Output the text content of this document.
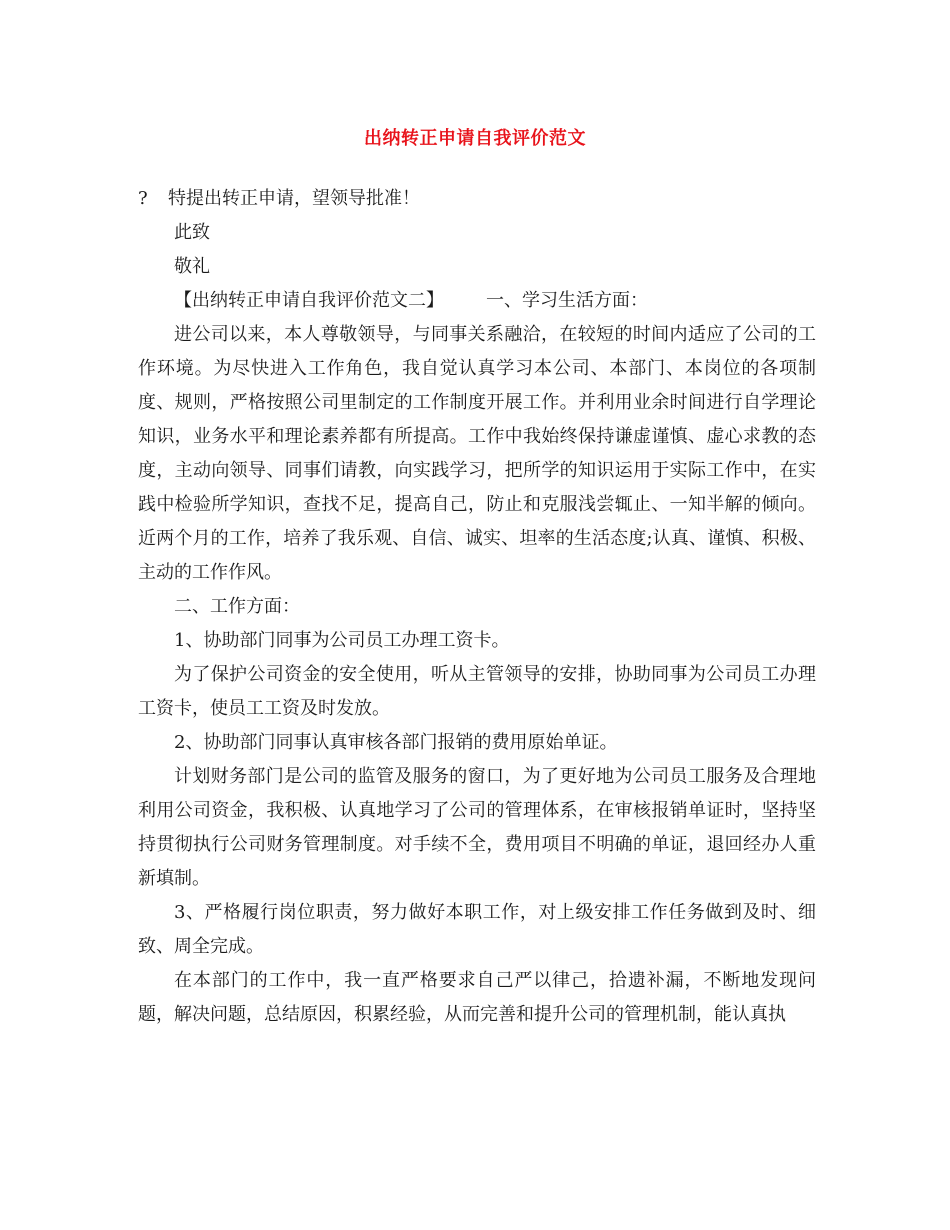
出纳转正申请自我评价范文

? 特提出转正申请，望领导批准！

此致

敬礼

【出纳转正申请自我评价范文二】 一、学习生活方面：

进公司以来，本人尊敬领导，与同事关系融洽，在较短的时间内适应了公司的工作环境。为尽快进入工作角色，我自觉认真学习本公司、本部门、本岗位的各项制度、规则，严格按照公司里制定的工作制度开展工作。并利用业余时间进行自学理论知识，业务水平和理论素养都有所提高。工作中我始终保持谦虚谨慎、虚心求教的态度，主动向领导、同事们请教，向实践学习，把所学的知识运用于实际工作中，在实践中检验所学知识，查找不足，提高自己，防止和克服浅尝辄止、一知半解的倾向。近两个月的工作，培养了我乐观、自信、诚实、坦率的生活态度;认真、谨慎、积极、主动的工作作风。

二、工作方面：

1、协助部门同事为公司员工办理工资卡。

为了保护公司资金的安全使用，听从主管领导的安排，协助同事为公司员工办理工资卡，使员工工资及时发放。

2、协助部门同事认真审核各部门报销的费用原始单证。

计划财务部门是公司的监管及服务的窗口，为了更好地为公司员工服务及合理地利用公司资金，我积极、认真地学习了公司的管理体系，在审核报销单证时，坚持坚持贯彻执行公司财务管理制度。对手续不全，费用项目不明确的单证，退回经办人重新填制。

3、严格履行岗位职责，努力做好本职工作，对上级安排工作任务做到及时、细致、周全完成。

在本部门的工作中，我一直严格要求自己严以律己，拾遗补漏，不断地发现问题，解决问题，总结原因，积累经验，从而完善和提升公司的管理机制，能认真执
